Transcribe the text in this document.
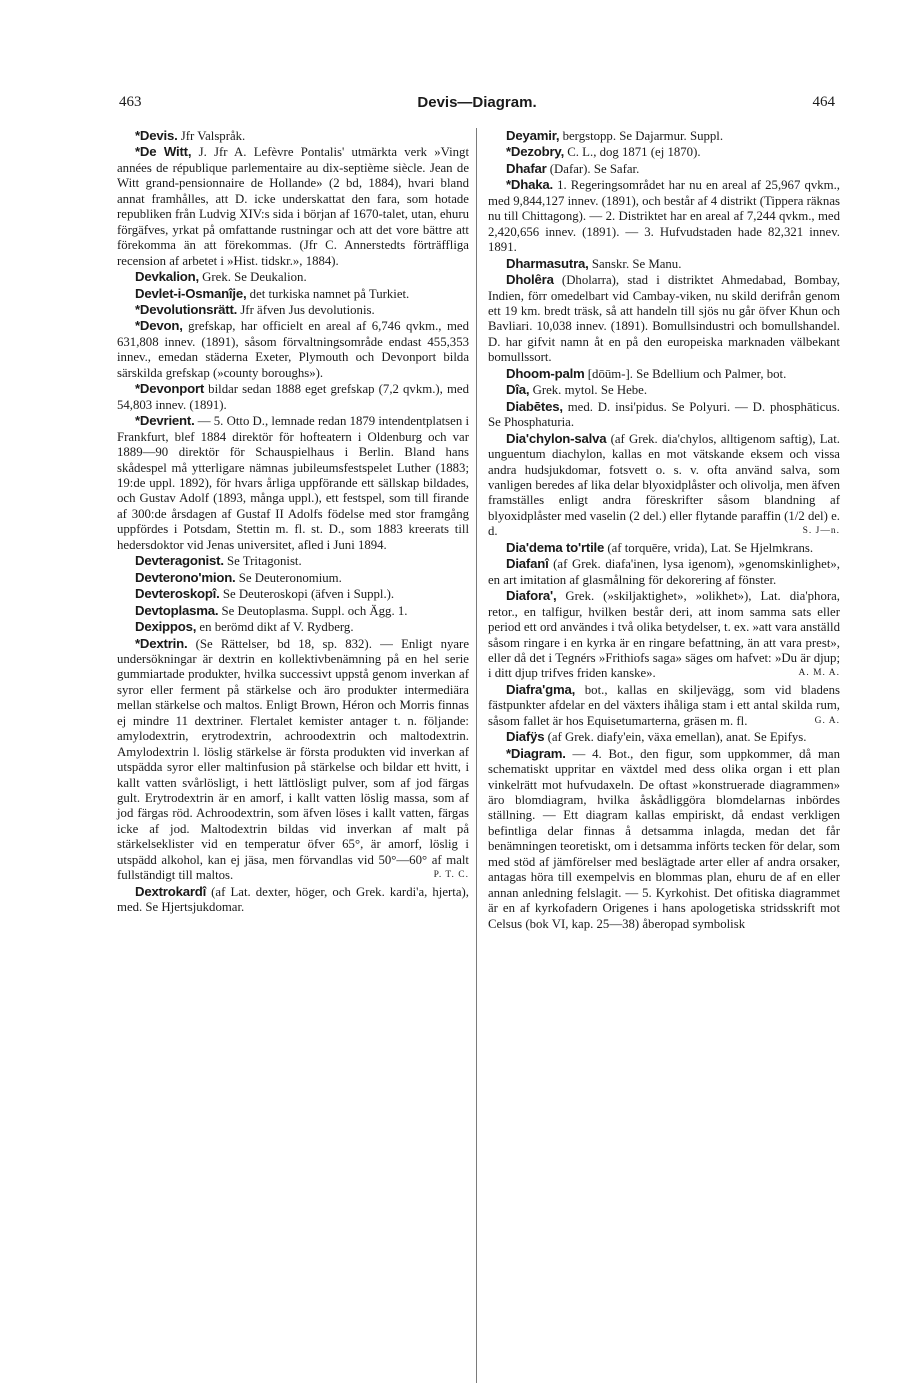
463	Devis—Diagram.	464

*Devis. Jfr Valspråk.

*De Witt, J. Jfr A. Lefèvre Pontalis' utmärkta verk »Vingt années de république parlementaire au dix-septième siècle. Jean de Witt grand-pensionnaire de Hollande» (2 bd, 1884), hvari bland annat framhålles, att D. icke underskattat den fara, som hotade republiken från Ludvig XIV:s sida i början af 1670-talet, utan, ehuru förgäfves, yrkat på omfattande rustningar och att det vore bättre att förekomma än att förekommas. (Jfr C. Annerstedts förträffliga recension af arbetet i »Hist. tidskr.», 1884).

Devkalion, Grek. Se Deukalion.

Devlet-i-Osmanîje, det turkiska namnet på Turkiet.

*Devolutionsrätt. Jfr äfven Jus devolutionis.

*Devon, grefskap, har officielt en areal af 6,746 qvkm., med 631,808 innev. (1891), såsom förvaltningsområde endast 455,353 innev., emedan städerna Exeter, Plymouth och Devonport bilda särskilda grefskap (»county boroughs»).

*Devonport bildar sedan 1888 eget grefskap (7,2 qvkm.), med 54,803 innev. (1891).

*Devrient. — 5. Otto D., lemnade redan 1879 intendentplatsen i Frankfurt, blef 1884 direktör för hofteatern i Oldenburg och var 1889—90 direktör för Schauspielhaus i Berlin. Bland hans skådespel må ytterligare nämnas jubileumsfestspelet Luther (1883; 19:de uppl. 1892), för hvars årliga uppförande ett sällskap bildades, och Gustav Adolf (1893, många uppl.), ett festspel, som till firande af 300:de årsdagen af Gustaf II Adolfs födelse med stor framgång uppfördes i Potsdam, Stettin m. fl. st. D., som 1883 kreerats till hedersdoktor vid Jenas universitet, afled i Juni 1894.

Devteragonist. Se Tritagonist.

Devterono'mion. Se Deuteronomium.

Devteroskopî. Se Deuteroskopi (äfven i Suppl.).

Devtoplasma. Se Deutoplasma. Suppl. och Ägg. 1.

Dexippos, en berömd dikt af V. Rydberg.

*Dextrin. (Se Rättelser, bd 18, sp. 832). — Enligt nyare undersökningar är dextrin en kollektivbenämning på en hel serie gummiartade produkter, hvilka successivt uppstå genom inverkan af syror eller ferment på stärkelse och äro produkter intermediära mellan stärkelse och maltos. Enligt Brown, Héron och Morris finnas ej mindre 11 dextriner. Flertalet kemister antager t. n. följande: amylodextrin, erytrodextrin, achroodextrin och maltodextrin. Amylodextrin l. löslig stärkelse är första produkten vid inverkan af utspädda syror eller maltinfusion på stärkelse och bildar ett hvitt, i kallt vatten svårlösligt, i hett lättlösligt pulver, som af jod färgas gult. Erytrodextrin är en amorf, i kallt vatten löslig massa, som af jod färgas röd. Achroodextrin, som äfven löses i kallt vatten, färgas icke af jod. Maltodextrin bildas vid inverkan af malt på stärkelseklister vid en temperatur öfver 65°, är amorf, löslig i utspädd alkohol, kan ej jäsa, men förvandlas vid 50°—60° af malt fullständigt till maltos.	P. T. C.

Dextrokardî (af Lat. dexter, höger, och Grek. kardi'a, hjerta), med. Se Hjertsjukdomar.

Deyamir, bergstopp. Se Dajarmur. Suppl.

*Dezobry, C. L., dog 1871 (ej 1870).

Dhafar (Dafar). Se Safar.

*Dhaka. 1. Regeringsområdet har nu en areal af 25,967 qvkm., med 9,844,127 innev. (1891), och består af 4 distrikt (Tippera räknas nu till Chittagong). — 2. Distriktet har en areal af 7,244 qvkm., med 2,420,656 innev. (1891). — 3. Hufvudstaden hade 82,321 innev. 1891.

Dharmasutra, Sanskr. Se Manu.

Dholêra (Dholarra), stad i distriktet Ahmedabad, Bombay, Indien, förr omedelbart vid Cambay-viken, nu skild derifrån genom ett 19 km. bredt träsk, så att handeln till sjös nu går öfver Khun och Bavliari. 10,038 innev. (1891). Bomullsindustri och bomullshandel. D. har gifvit namn åt en på den europeiska marknaden välbekant bomullssort.

Dhoom-palm [dōūm-]. Se Bdellium och Palmer, bot.

Dîa, Grek. mytol. Se Hebe.

Diabētes, med. D. insi'pidus. Se Polyuri. — D. phosphāticus. Se Phosphaturia.

Dia'chylon-salva (af Grek. dia'chylos, alltigenom saftig), Lat. unguentum diachylon, kallas en mot vätskande eksem och vissa andra hudsjukdomar, fotsvett o. s. v. ofta använd salva, som vanligen beredes af lika delar blyoxidplåster och olivolja, men äfven framställes enligt andra föreskrifter såsom blandning af blyoxidplåster med vaselin (2 del.) eller flytande paraffin (1/2 del) e. d.	S. J—n.

Dia'dema to'rtile (af torquēre, vrida), Lat. Se Hjelmkrans.

Diafanî (af Grek. diafa'inen, lysa igenom), »genomskinlighet», en art imitation af glasmålning för dekorering af fönster.

Diafora', Grek. (»skiljaktighet», »olikhet»), Lat. dia'phora, retor., en talfigur, hvilken består deri, att inom samma sats eller period ett ord användes i två olika betydelser, t. ex. »att vara anställd såsom ringare i en kyrka är en ringare befattning, än att vara prest», eller då det i Tegnérs »Frithiofs saga» säges om hafvet: »Du är djup; i ditt djup trifves friden kanske».	A. M. A.

Diafra'gma, bot., kallas en skiljevägg, som vid bladens fästpunkter afdelar en del växters ihåliga stam i ett antal skilda rum, såsom fallet är hos Equisetumarterna, gräsen m. fl.	G. A.

Diafÿs (af Grek. diafy'ein, växa emellan), anat. Se Epifys.

*Diagram. — 4. Bot., den figur, som uppkommer, då man schematiskt uppritar en växtdel med dess olika organ i ett plan vinkelrätt mot hufvudaxeln. De oftast »konstruerade diagrammen» äro blomdiagram, hvilka åskådliggöra blomdelarnas inbördes ställning. — Ett diagram kallas empiriskt, då endast verkligen befintliga delar finnas å detsamma inlagda, medan det får benämningen teoretiskt, om i detsamma införts tecken för delar, som med stöd af jämförelser med beslägtade arter eller af andra orsaker, antagas höra till exempelvis en blommas plan, ehuru de af en eller annan anledning felslagit. — 5. Kyrkohist. Det ofitiska diagrammet är en af kyrkofadern Origenes i hans apologetiska stridsskrift mot Celsus (bok VI, kap. 25—38) åberopad symbolisk
